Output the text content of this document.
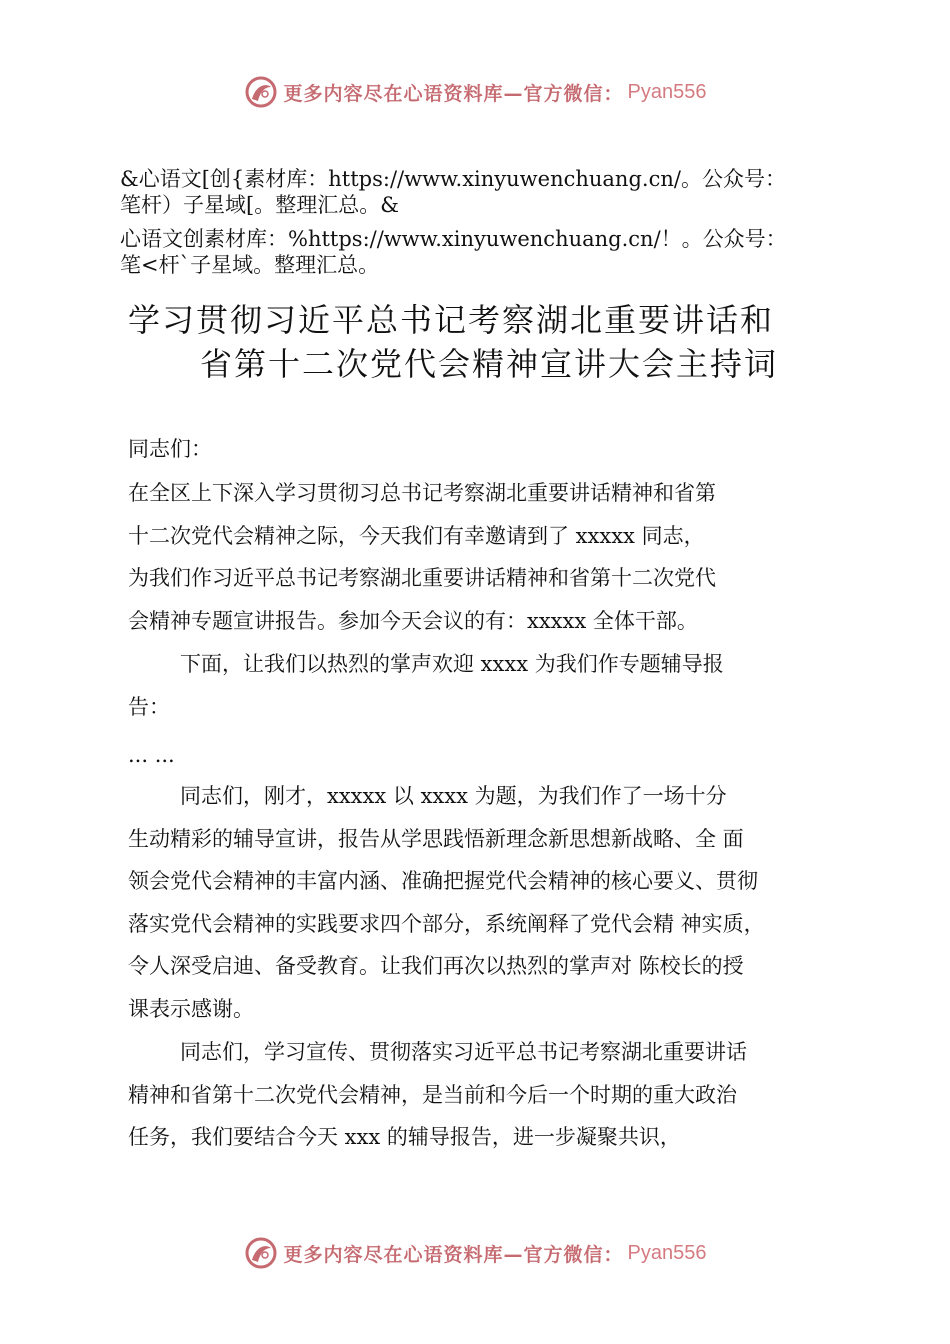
更多内容尽在心语资料库—官方微信： Pyan556
&心语文[创{素材库：https://www.xinyuwenchuang.cn/。公众号：
笔杆）子星域[。整理汇总。&
心语文创素材库：%https://www.xinyuwenchuang.cn/！。公众号：
笔<杆`子星域。整理汇总。
学习贯彻习近平总书记考察湖北重要讲话和
省第十二次党代会精神宣讲大会主持词
同志们：
在全区上下深入学习贯彻习总书记考察湖北重要讲话精神和省第
十二次党代会精神之际，今天我们有幸邀请到了 xxxxx 同志，
为我们作习近平总书记考察湖北重要讲话精神和省第十二次党代
会精神专题宣讲报告。参加今天会议的有：xxxxx 全体干部。
下面，让我们以热烈的掌声欢迎 xxxx 为我们作专题辅导报
告：
... ...
同志们，刚才，xxxxx 以 xxxx 为题，为我们作了一场十分
生动精彩的辅导宣讲，报告从学思践悟新理念新思想新战略、全 面
领会党代会精神的丰富内涵、准确把握党代会精神的核心要义、贯彻
落实党代会精神的实践要求四个部分，系统阐释了党代会精 神实质，
令人深受启迪、备受教育。让我们再次以热烈的掌声对 陈校长的授
课表示感谢。
同志们，学习宣传、贯彻落实习近平总书记考察湖北重要讲话
精神和省第十二次党代会精神，是当前和今后一个时期的重大政治
任务，我们要结合今天 xxx 的辅导报告，进一步凝聚共识，
更多内容尽在心语资料库—官方微信： Pyan556
